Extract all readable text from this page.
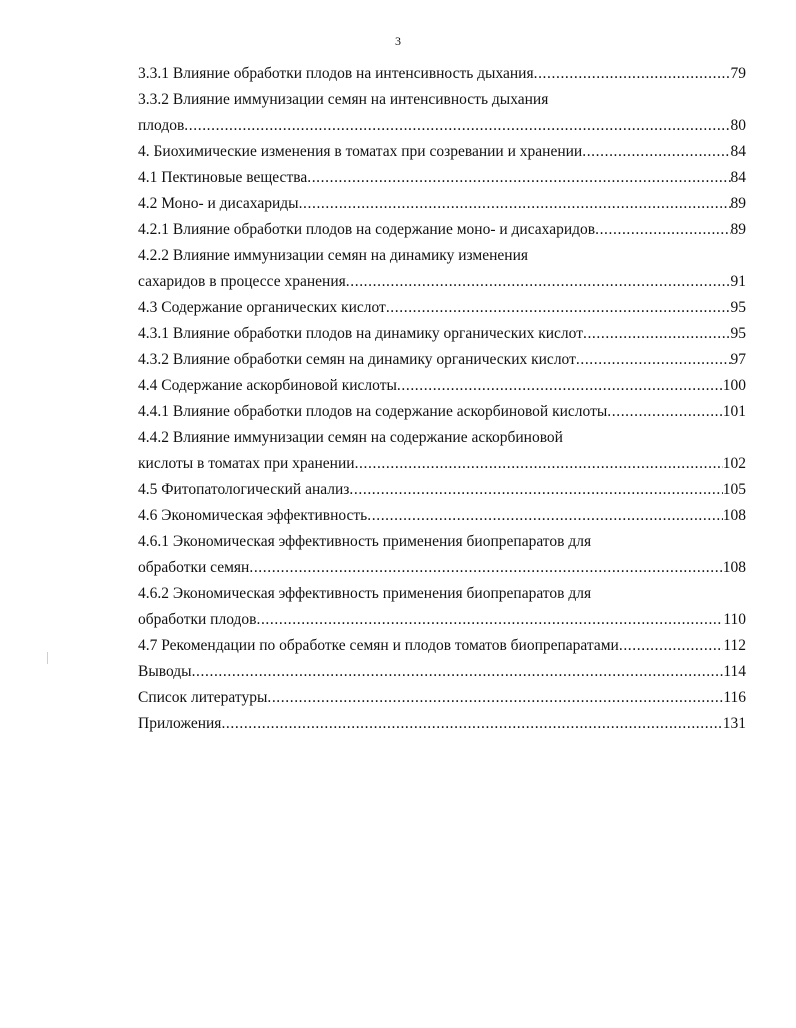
3
3.3.1 Влияние обработки плодов на интенсивность дыхания .....	79
3.3.2 Влияние иммунизации семян на интенсивность дыхания
плодов .....	80
4. Биохимические изменения в томатах при созревании и хранении .....	84
4.1 Пектиновые вещества .....	84
4.2 Моно- и дисахариды .....	89
4.2.1 Влияние обработки плодов на содержание моно- и дисахаридов .....	89
4.2.2 Влияние иммунизации семян на динамику изменения
сахаридов в процессе хранения .....	91
4.3 Содержание органических кислот .....	95
4.3.1 Влияние обработки плодов на динамику органических кислот .....	95
4.3.2 Влияние обработки семян на динамику органических кислот .....	97
4.4 Содержание аскорбиновой кислоты .....	100
4.4.1 Влияние обработки плодов на содержание аскорбиновой кислоты .....	101
4.4.2 Влияние иммунизации семян на содержание аскорбиновой
кислоты в томатах при хранении .....	102
4.5 Фитопатологический анализ .....	105
4.6 Экономическая эффективность .....	108
4.6.1 Экономическая эффективность применения биопрепаратов для
обработки семян .....	108
4.6.2 Экономическая эффективность применения биопрепаратов для
обработки плодов .....	110
4.7 Рекомендации по обработке семян и плодов томатов биопрепаратами .....	112
Выводы .....	114
Список литературы .....	116
Приложения .....	131
